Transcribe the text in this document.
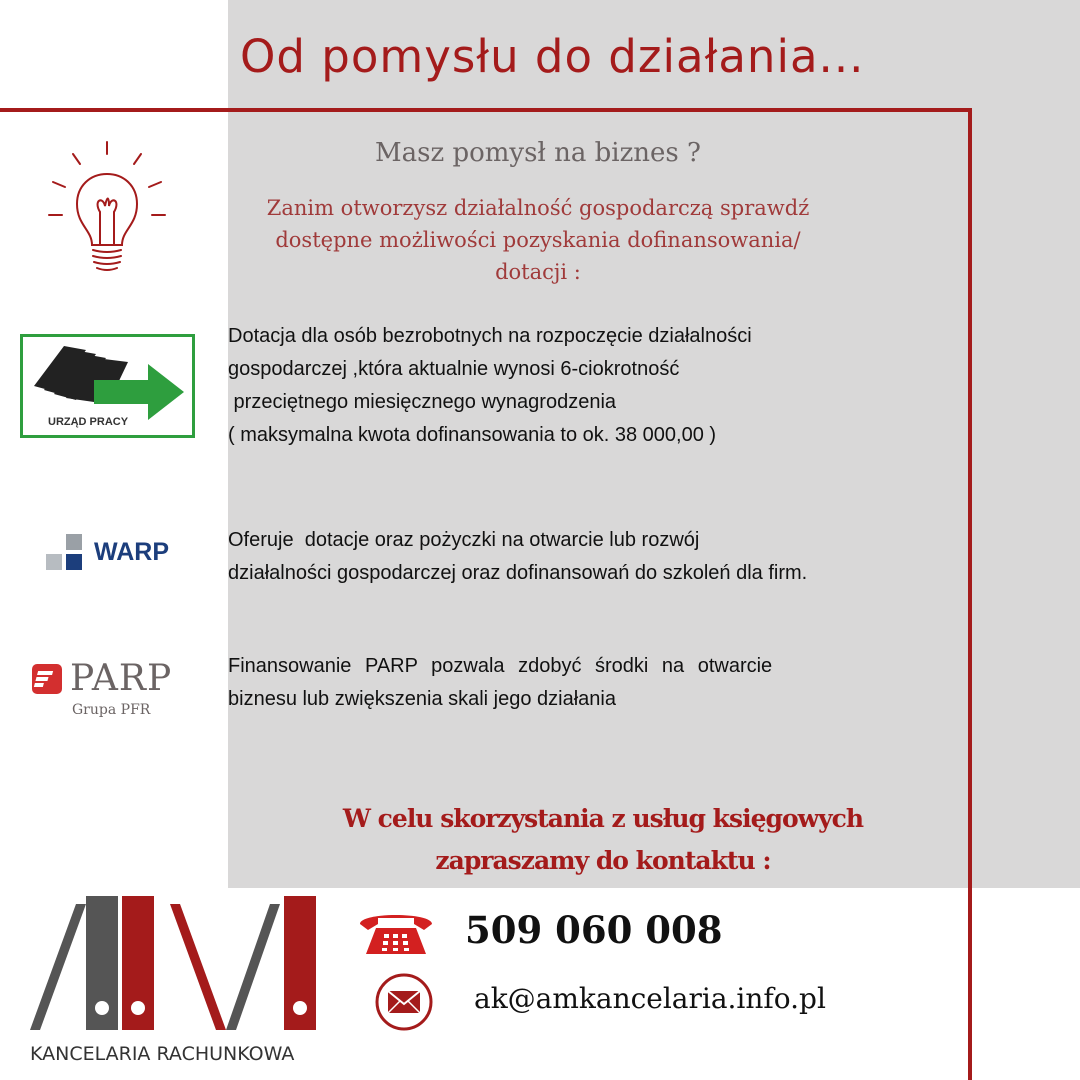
Od pomysłu do działania...
Masz pomysł na biznes ?
Zanim otworzysz działalność gospodarczą sprawdź
dostępne możliwości pozyskania dofinansowania/
dotacji :
URZĄD PRACY
Dotacja dla osób bezrobotnych na rozpoczęcie działalności
gospodarczej ,która aktualnie wynosi 6-ciokrotność
przeciętnego miesięcznego wynagrodzenia
( maksymalna kwota dofinansowania to ok. 38 000,00 )
WARP	Oferuje  dotacje oraz pożyczki na otwarcie lub rozwój
działalności gospodarczej oraz dofinansowań do szkoleń dla firm.
PARP
Grupa PFR
Finansowanie PARP pozwala zdobyć środki na otwarcie
biznesu lub zwiększenia skali jego działania
W celu skorzystania z usług księgowych
zapraszamy do kontaktu :
KANCELARIA RACHUNKOWA
509 060 008
ak@amkancelaria.info.pl
